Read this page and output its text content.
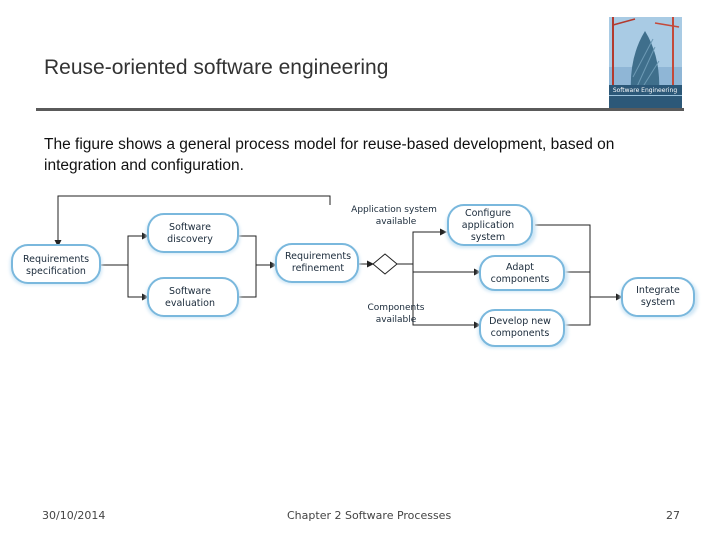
Reuse-oriented software engineering
Software Engineering

The figure shows a general process model for reuse-based development, based on integration and configuration.

Requirements
specification
Software
discovery
Software
evaluation
Requirements
refinement
Application system
available
Components
available
Configure
application
system
Adapt
components
Develop new
components
Integrate
system
30/10/2014	Chapter 2 Software Processes	27
